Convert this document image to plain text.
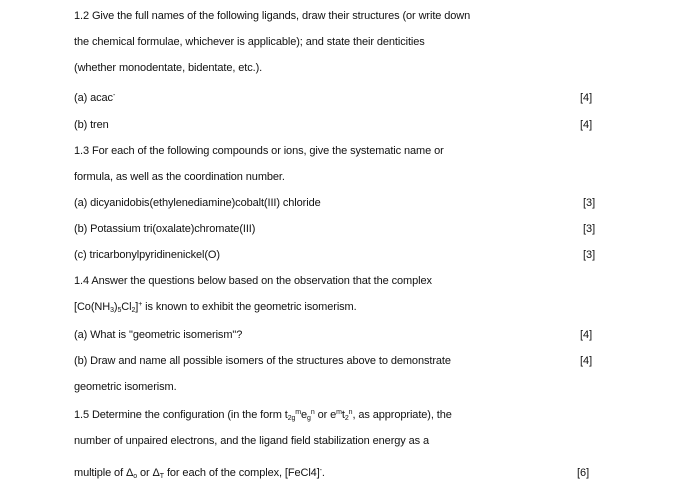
1.2 Give the full names of the following ligands, draw their structures (or write down
the chemical formulae, whichever is applicable); and state their denticities
(whether monodentate, bidentate, etc.).
(a) acac-	[4]
(b) tren	[4]
1.3 For each of the following compounds or ions, give the systematic name or
formula, as well as the coordination number.
(a) dicyanidobis(ethylenediamine)cobalt(III) chloride	[3]
(b) Potassium tri(oxalate)chromate(III)	[3]
(c) tricarbonylpyridinenickel(O)	[3]
1.4 Answer the questions below based on the observation that the complex
$[Co(NH_3)_5Cl_2]^+$ is known to exhibit the geometric isomerism.
(a) What is "geometric isomerism"?	[4]
(b) Draw and name all possible isomers of the structures above to demonstrate	[4]
geometric isomerism.
1.5 Determine the configuration (in the form $t_{2g}^me_g^n$ or $e^mt_2^n$, as appropriate), the
number of unpaired electrons, and the ligand field stabilization energy as a
multiple of $\Delta_o$ or $\Delta_T$ for each of the complex, [FeCl4]-.	[6]
